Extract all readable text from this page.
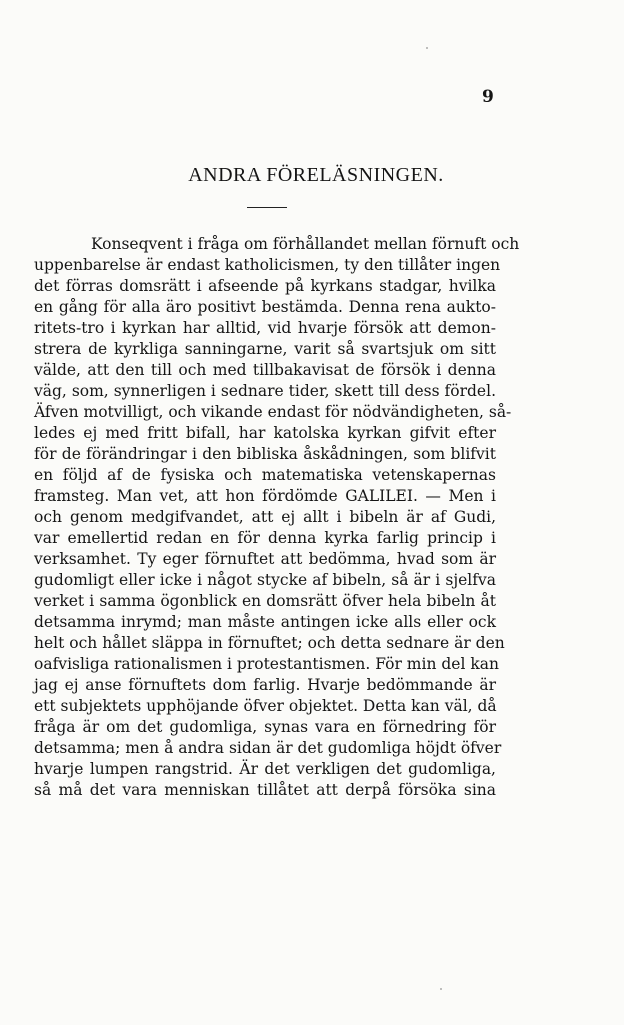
9
ANDRA FÖRELÄSNINGEN.
Konseqvent i fråga om förhållandet mellan förnuft och
uppenbarelse är endast katholicismen, ty den tillåter ingen
det förras domsrätt i afseende på kyrkans stadgar, hvilka
en gång för alla äro positivt bestämda. Denna rena aukto-
ritets-tro i kyrkan har alltid, vid hvarje försök att demon-
strera de kyrkliga sanningarne, varit så svartsjuk om sitt
välde, att den till och med tillbakavisat de försök i denna
väg, som, synnerligen i sednare tider, skett till dess fördel.
Äfven motvilligt, och vikande endast för nödvändigheten, så-
ledes ej med fritt bifall, har katolska kyrkan gifvit efter
för de förändringar i den bibliska åskådningen, som blifvit
en följd af de fysiska och matematiska vetenskapernas
framsteg. Man vet, att hon fördömde GALILEI. — Men i
och genom medgifvandet, att ej allt i bibeln är af Gudi,
var emellertid redan en för denna kyrka farlig princip i
verksamhet. Ty eger förnuftet att bedömma, hvad som är
gudomligt eller icke i något stycke af bibeln, så är i sjelfva
verket i samma ögonblick en domsrätt öfver hela bibeln åt
detsamma inrymd; man måste antingen icke alls eller ock
helt och hållet släppa in förnuftet; och detta sednare är den
oafvisliga rationalismen i protestantismen. För min del kan
jag ej anse förnuftets dom farlig. Hvarje bedömmande är
ett subjektets upphöjande öfver objektet. Detta kan väl, då
fråga är om det gudomliga, synas vara en förnedring för
detsamma; men å andra sidan är det gudomliga höjdt öfver
hvarje lumpen rangstrid. Är det verkligen det gudomliga,
så må det vara menniskan tillåtet att derpå försöka sina
